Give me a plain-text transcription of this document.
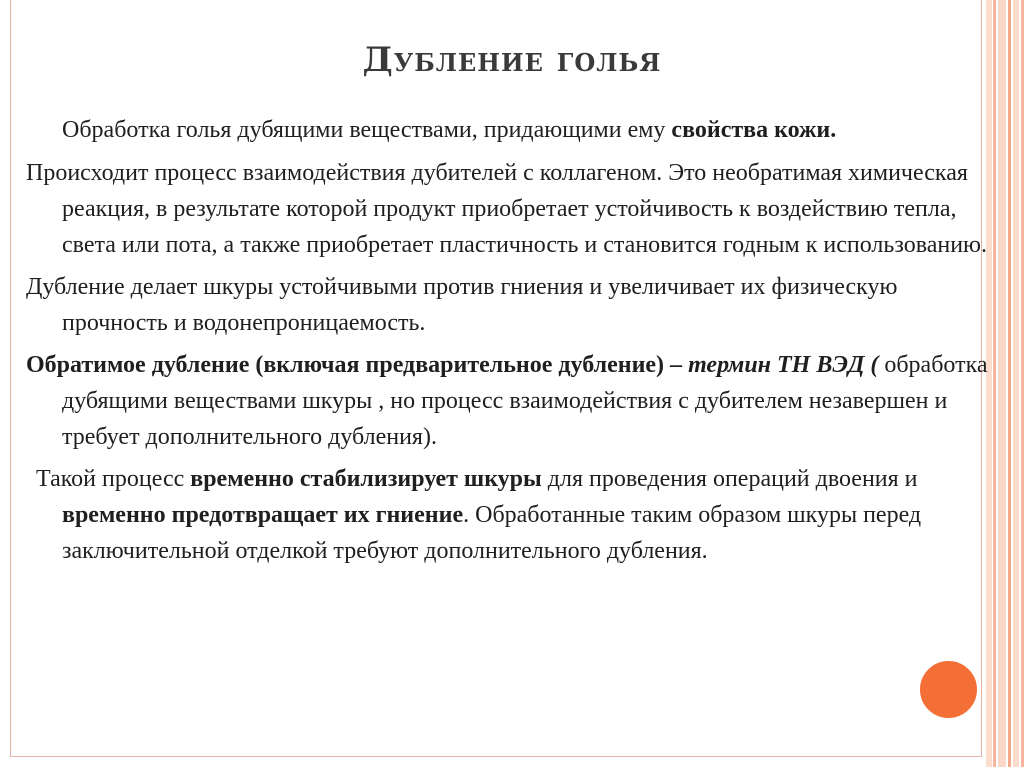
Дубление голья

Обработка голья дубящими веществами, придающими ему свойства кожи.

Происходит процесс взаимодействия дубителей с коллагеном. Это необратимая химическая реакция, в результате которой продукт приобретает устойчивость к воздействию тепла, света или пота, а также приобретает пластичность и становится годным к использованию.

Дубление делает шкуры устойчивыми против гниения и увеличивает их физическую прочность и водонепроницаемость.

Обратимое дубление (включая предварительное дубление) – термин ТН ВЭД ( обработка дубящими веществами шкуры , но процесс взаимодействия с дубителем незавершен и требует дополнительного дубления).

Такой процесс временно стабилизирует шкуры для проведения операций двоения и временно предотвращает их гниение. Обработанные таким образом шкуры перед заключительной отделкой требуют дополнительного дубления.
